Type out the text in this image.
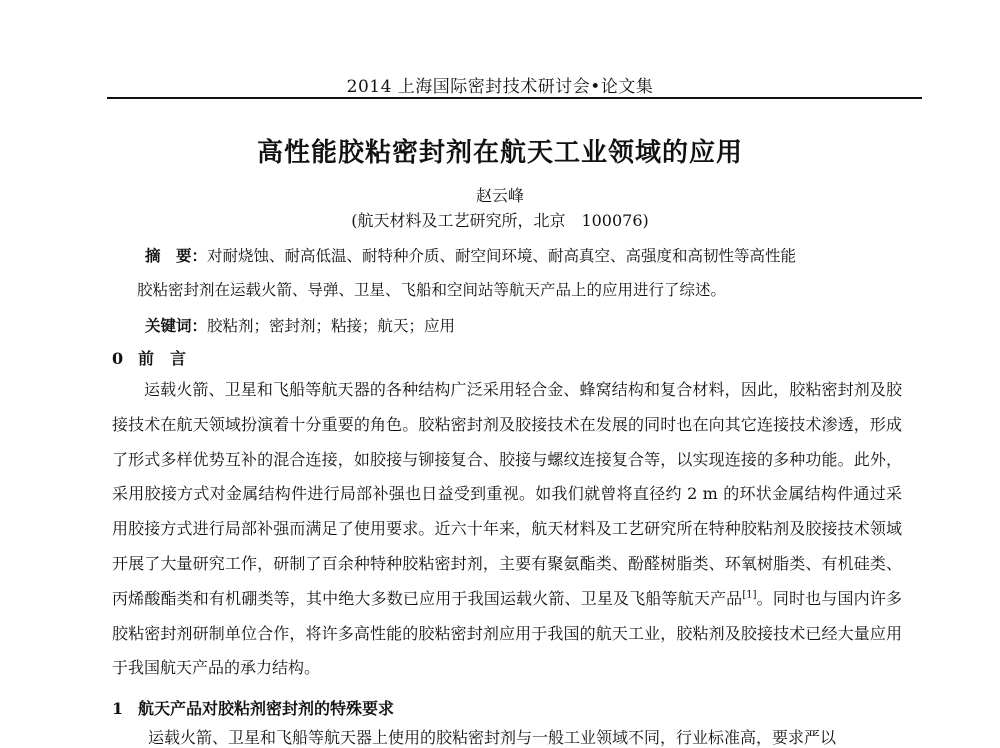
2014 上海国际密封技术研讨会•论文集
高性能胶粘密封剂在航天工业领域的应用
赵云峰
(航天材料及工艺研究所，北京　100076)
摘　要：对耐烧蚀、耐高低温、耐特种介质、耐空间环境、耐高真空、高强度和高韧性等高性能
胶粘密封剂在运载火箭、导弹、卫星、飞船和空间站等航天产品上的应用进行了综述。
关键词：胶粘剂；密封剂；粘接；航天；应用
0 前　言

运载火箭、卫星和飞船等航天器的各种结构广泛采用轻合金、蜂窝结构和复合材料，因此，胶粘密封剂及胶接技术在航天领域扮演着十分重要的角色。胶粘密封剂及胶接技术在发展的同时也在向其它连接技术渗透，形成了形式多样优势互补的混合连接，如胶接与铆接复合、胶接与螺纹连接复合等，以实现连接的多种功能。此外，采用胶接方式对金属结构件进行局部补强也日益受到重视。如我们就曾将直径约 2 m 的环状金属结构件通过采用胶接方式进行局部补强而满足了使用要求。近六十年来，航天材料及工艺研究所在特种胶粘剂及胶接技术领域开展了大量研究工作，研制了百余种特种胶粘密封剂，主要有聚氨酯类、酚醛树脂类、环氧树脂类、有机硅类、丙烯酸酯类和有机硼类等，其中绝大多数已应用于我国运载火箭、卫星及飞船等航天产品[1]。同时也与国内许多胶粘密封剂研制单位合作，将许多高性能的胶粘密封剂应用于我国的航天工业，胶粘剂及胶接技术已经大量应用于我国航天产品的承力结构。

1 航天产品对胶粘剂密封剂的特殊要求
运载火箭、卫星和飞船等航天器上使用的胶粘密封剂与一般工业领域不同，行业标准高，要求严以
